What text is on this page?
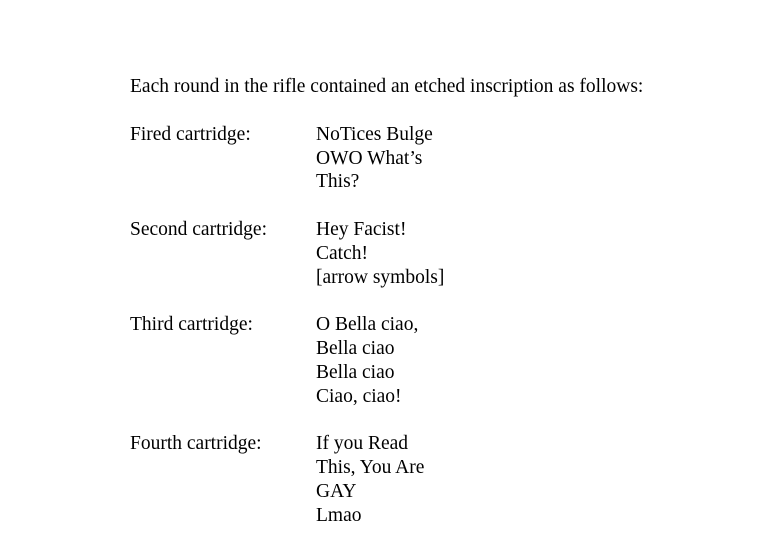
Each round in the rifle contained an etched inscription as follows:

Fired cartridge:	NoTices Bulge
OWO What’s
This?
Second cartridge:	Hey Facist!
Catch!
[arrow symbols]
Third cartridge:	O Bella ciao,
Bella ciao
Bella ciao
Ciao, ciao!
Fourth cartridge:	If you Read
This, You Are
GAY
Lmao
